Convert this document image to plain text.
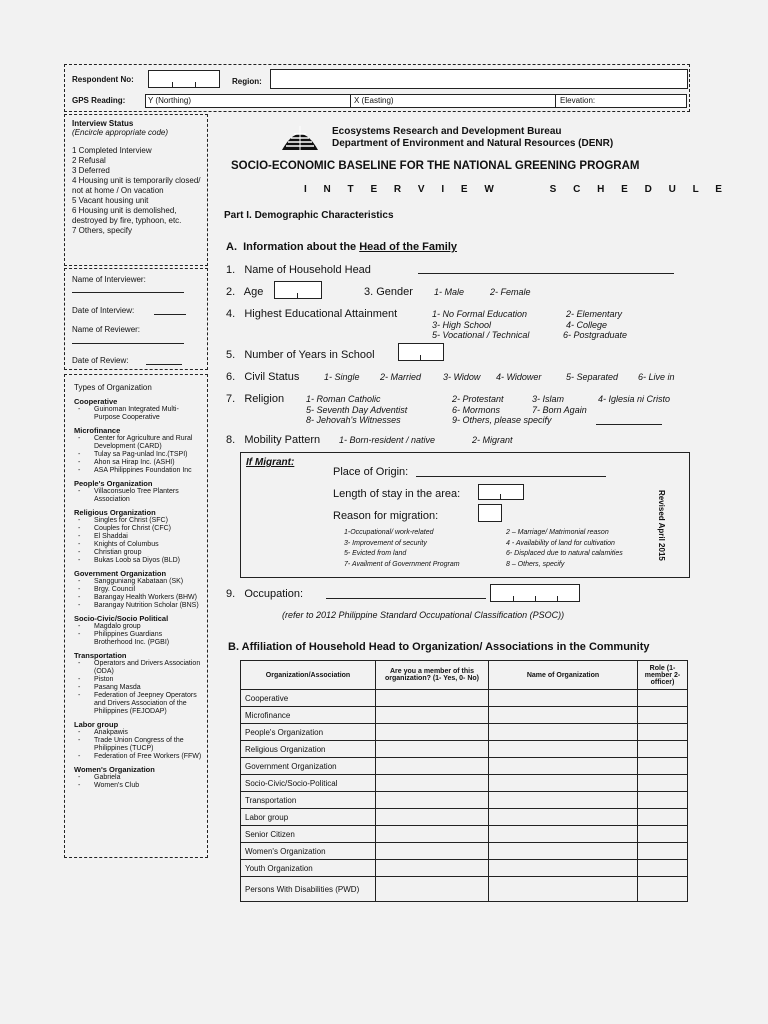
Respondent No:	Region:
GPS Reading:	Y (Northing)	X (Easting)	Elevation:
Interview Status
(Encircle appropriate code)
1 Completed Interview
2 Refusal
3 Deferred
4 Housing unit is temporarily closed/ not at home / On vacation
5 Vacant housing unit
6 Housing unit is demolished, destroyed by fire, typhoon, etc.
7 Others, specify
Name of Interviewer:
Date of Interview:
Name of Reviewer:
Date of Review:
Types of Organization
Cooperative
- Guinoman Integrated Multi-Purpose Cooperative
Microfinance
- Center for Agriculture and Rural Development (CARD)
- Tulay sa Pag-unlad Inc.(TSPI)
- Ahon sa Hirap Inc. (ASHI)
- ASA Philippines Foundation Inc
People's Organization
- Villaconsuelo Tree Planters Association
Religious Organization
- Singles for Christ (SFC)
- Couples for Christ (CFC)
- El Shaddai
- Knights of Columbus
- Christian group
- Bukas Loob sa Diyos (BLD)
Government Organization
- Sangguniang Kabataan (SK)
- Brgy. Council
- Barangay Health Workers (BHW)
- Barangay Nutrition Scholar (BNS)
Socio-Civic/Socio Political
- Magdalo group
- Philippines Guardians Brotherhood Inc. (PGBI)
Transportation
- Operators and Drivers Association (ODA)
- Piston
- Pasang Masda
- Federation of Jeepney Operators and Drivers Association of the Philippines (FEJODAP)
Labor group
- Anakpawis
- Trade Union Congress of the Philippines (TUCP)
- Federation of Free Workers (FFW)
Women's Organization
- Gabriela
- Women's Club
Ecosystems Research and Development Bureau
Department of Environment and Natural Resources (DENR)
SOCIO-ECONOMIC BASELINE FOR THE NATIONAL GREENING PROGRAM
I N T E R V I E W     S C H E D U L E
Part I. Demographic Characteristics
A.  Information about the Head of the Family
1.   Name of Household Head
2.   Age	3. Gender 1- Male	2- Female
4.   Highest Educational Attainment	1- No Formal Education	2- Elementary
3- High School	4- College
5- Vocational / Technical	6- Postgraduate
5.   Number of Years in School
6.   Civil Status	1- Single 2- Married 3- Widow 4- Widower	5- Separated 6- Live in
7.   Religion 1- Roman Catholic	2- Protestant	3- Islam	4- Iglesia ni Cristo
5- Seventh Day Adventist	6- Mormons	7- Born Again
8- Jehovah's Witnesses	9- Others, please specify
8.   Mobility Pattern 1- Born-resident / native	2- Migrant
If Migrant:
Place of Origin:
Length of stay in the area:
Reason for migration:
1-Occupational/ work-related	2 – Marriage/ Matrimonial reason
3- Improvement of security	4 - Availability of land for cultivation
5- Evicted from land	6- Displaced due to natural calamities
7- Availment of Government Program	8 – Others, specify
9.   Occupation:
(refer to 2012 Philippine Standard Occupational Classification (PSOC))
B. Affiliation of Household Head to Organization/ Associations in the Community
Organization/Association	Are you a member of this organization? (1- Yes, 0- No)	Name of Organization	Role (1-member 2-officer)
Cooperative			
Microfinance			
People's Organization			
Religious Organization			
Government Organization			
Socio-Civic/Socio-Political			
Transportation			
Labor group			
Senior Citizen			
Women's Organization			
Youth Organization			
Persons With Disabilities (PWD)			
Revised April 2015
